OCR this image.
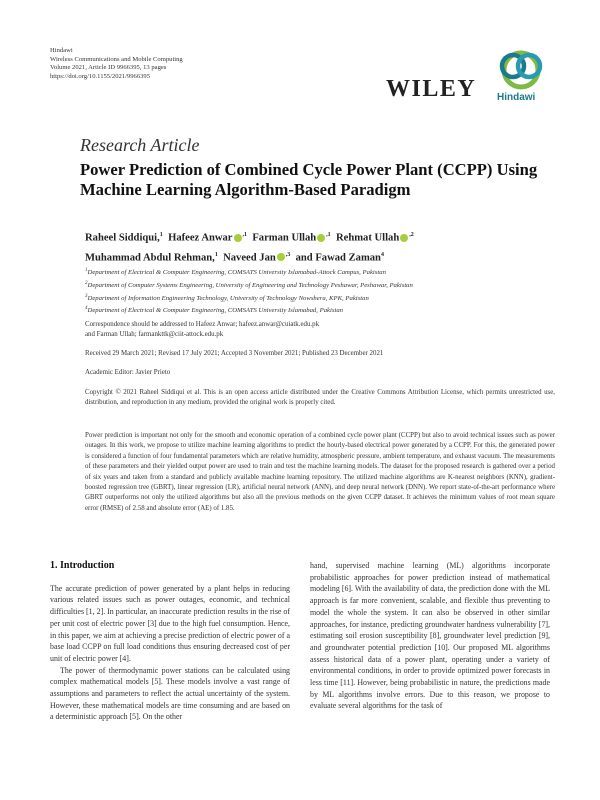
Hindawi
Wireless Communications and Mobile Computing
Volume 2021, Article ID 9966395, 13 pages
https://doi.org/10.1155/2021/9966395	WILEY Hindawi
Research Article
Power Prediction of Combined Cycle Power Plant (CCPP) Using
Machine Learning Algorithm-Based Paradigm
Raheel Siddiqui,$^1$ Hafeez Anwar $^{,1}$ Farman Ullah $^{,1}$ Rehmat Ullah $^{,2}$
Muhammad Abdul Rehman,$^1$ Naveed Jan $^{,3}$ and Fawad Zaman$^4$
$^1$Department of Electrical & Computer Engineering, COMSATS University Islamabad-Attock Campus, Pakistan
$^2$Department of Computer Systems Engineering, University of Engineering and Technology Peshawar, Peshawar, Pakistan
$^3$Department of Information Engineering Technology, University of Technology Nowshera, KPK, Pakistan
$^4$Department of Electrical & Computer Engineering, COMSATS University Islamabad, Pakistan
Correspondence should be addressed to Hafeez Anwar; hafeez.anwar@cuiatk.edu.pk
and Farman Ullah; farmankttk@ciit-attock.edu.pk
Received 29 March 2021; Revised 17 July 2021; Accepted 3 November 2021; Published 23 December 2021
Academic Editor: Javier Prieto
Copyright © 2021 Raheel Siddiqui et al. This is an open access article distributed under the Creative Commons Attribution License, which permits unrestricted use, distribution, and reproduction in any medium, provided the original work is properly cited.
Power prediction is important not only for the smooth and economic operation of a combined cycle power plant (CCPP) but also to avoid technical issues such as power outages. In this work, we propose to utilize machine learning algorithms to predict the hourly-based electrical power generated by a CCPP. For this, the generated power is considered a function of four fundamental parameters which are relative humidity, atmospheric pressure, ambient temperature, and exhaust vacuum. The measurements of these parameters and their yielded output power are used to train and test the machine learning models. The dataset for the proposed research is gathered over a period of six years and taken from a standard and publicly available machine learning repository. The utilized machine algorithms are K-nearest neighbors (KNN), gradient-boosted regression tree (GBRT), linear regression (LR), artificial neural network (ANN), and deep neural network (DNN). We report state-of-the-art performance where GBRT outperforms not only the utilized algorithms but also all the previous methods on the given CCPP dataset. It achieves the minimum values of root mean square error (RMSE) of 2.58 and absolute error (AE) of 1.85.
1. Introduction

The accurate prediction of power generated by a plant helps in reducing various related issues such as power outages, economic, and technical difficulties [1, 2]. In particular, an inaccurate prediction results in the rise of per unit cost of electric power [3] due to the high fuel consumption. Hence, in this paper, we aim at achieving a precise prediction of electric power of a base load CCPP on full load conditions thus ensuring decreased cost of per unit of electric power [4].

The power of thermodynamic power stations can be calculated using complex mathematical models [5]. These models involve a vast range of assumptions and parameters to reflect the actual uncertainty of the system. However, these mathematical models are time consuming and are based on a deterministic approach [5]. On the other

hand, supervised machine learning (ML) algorithms incorporate probabilistic approaches for power prediction instead of mathematical modeling [6]. With the availability of data, the prediction done with the ML approach is far more convenient, scalable, and flexible thus preventing to model the whole the system. It can also be observed in other similar approaches, for instance, predicting groundwater hardness vulnerability [7], estimating soil erosion susceptibility [8], groundwater level prediction [9], and groundwater potential prediction [10]. Our proposed ML algorithms assess historical data of a power plant, operating under a variety of environmental conditions, in order to provide optimized power forecasts in less time [11]. However, being probabilistic in nature, the predictions made by ML algorithms involve errors. Due to this reason, we propose to evaluate several algorithms for the task of
